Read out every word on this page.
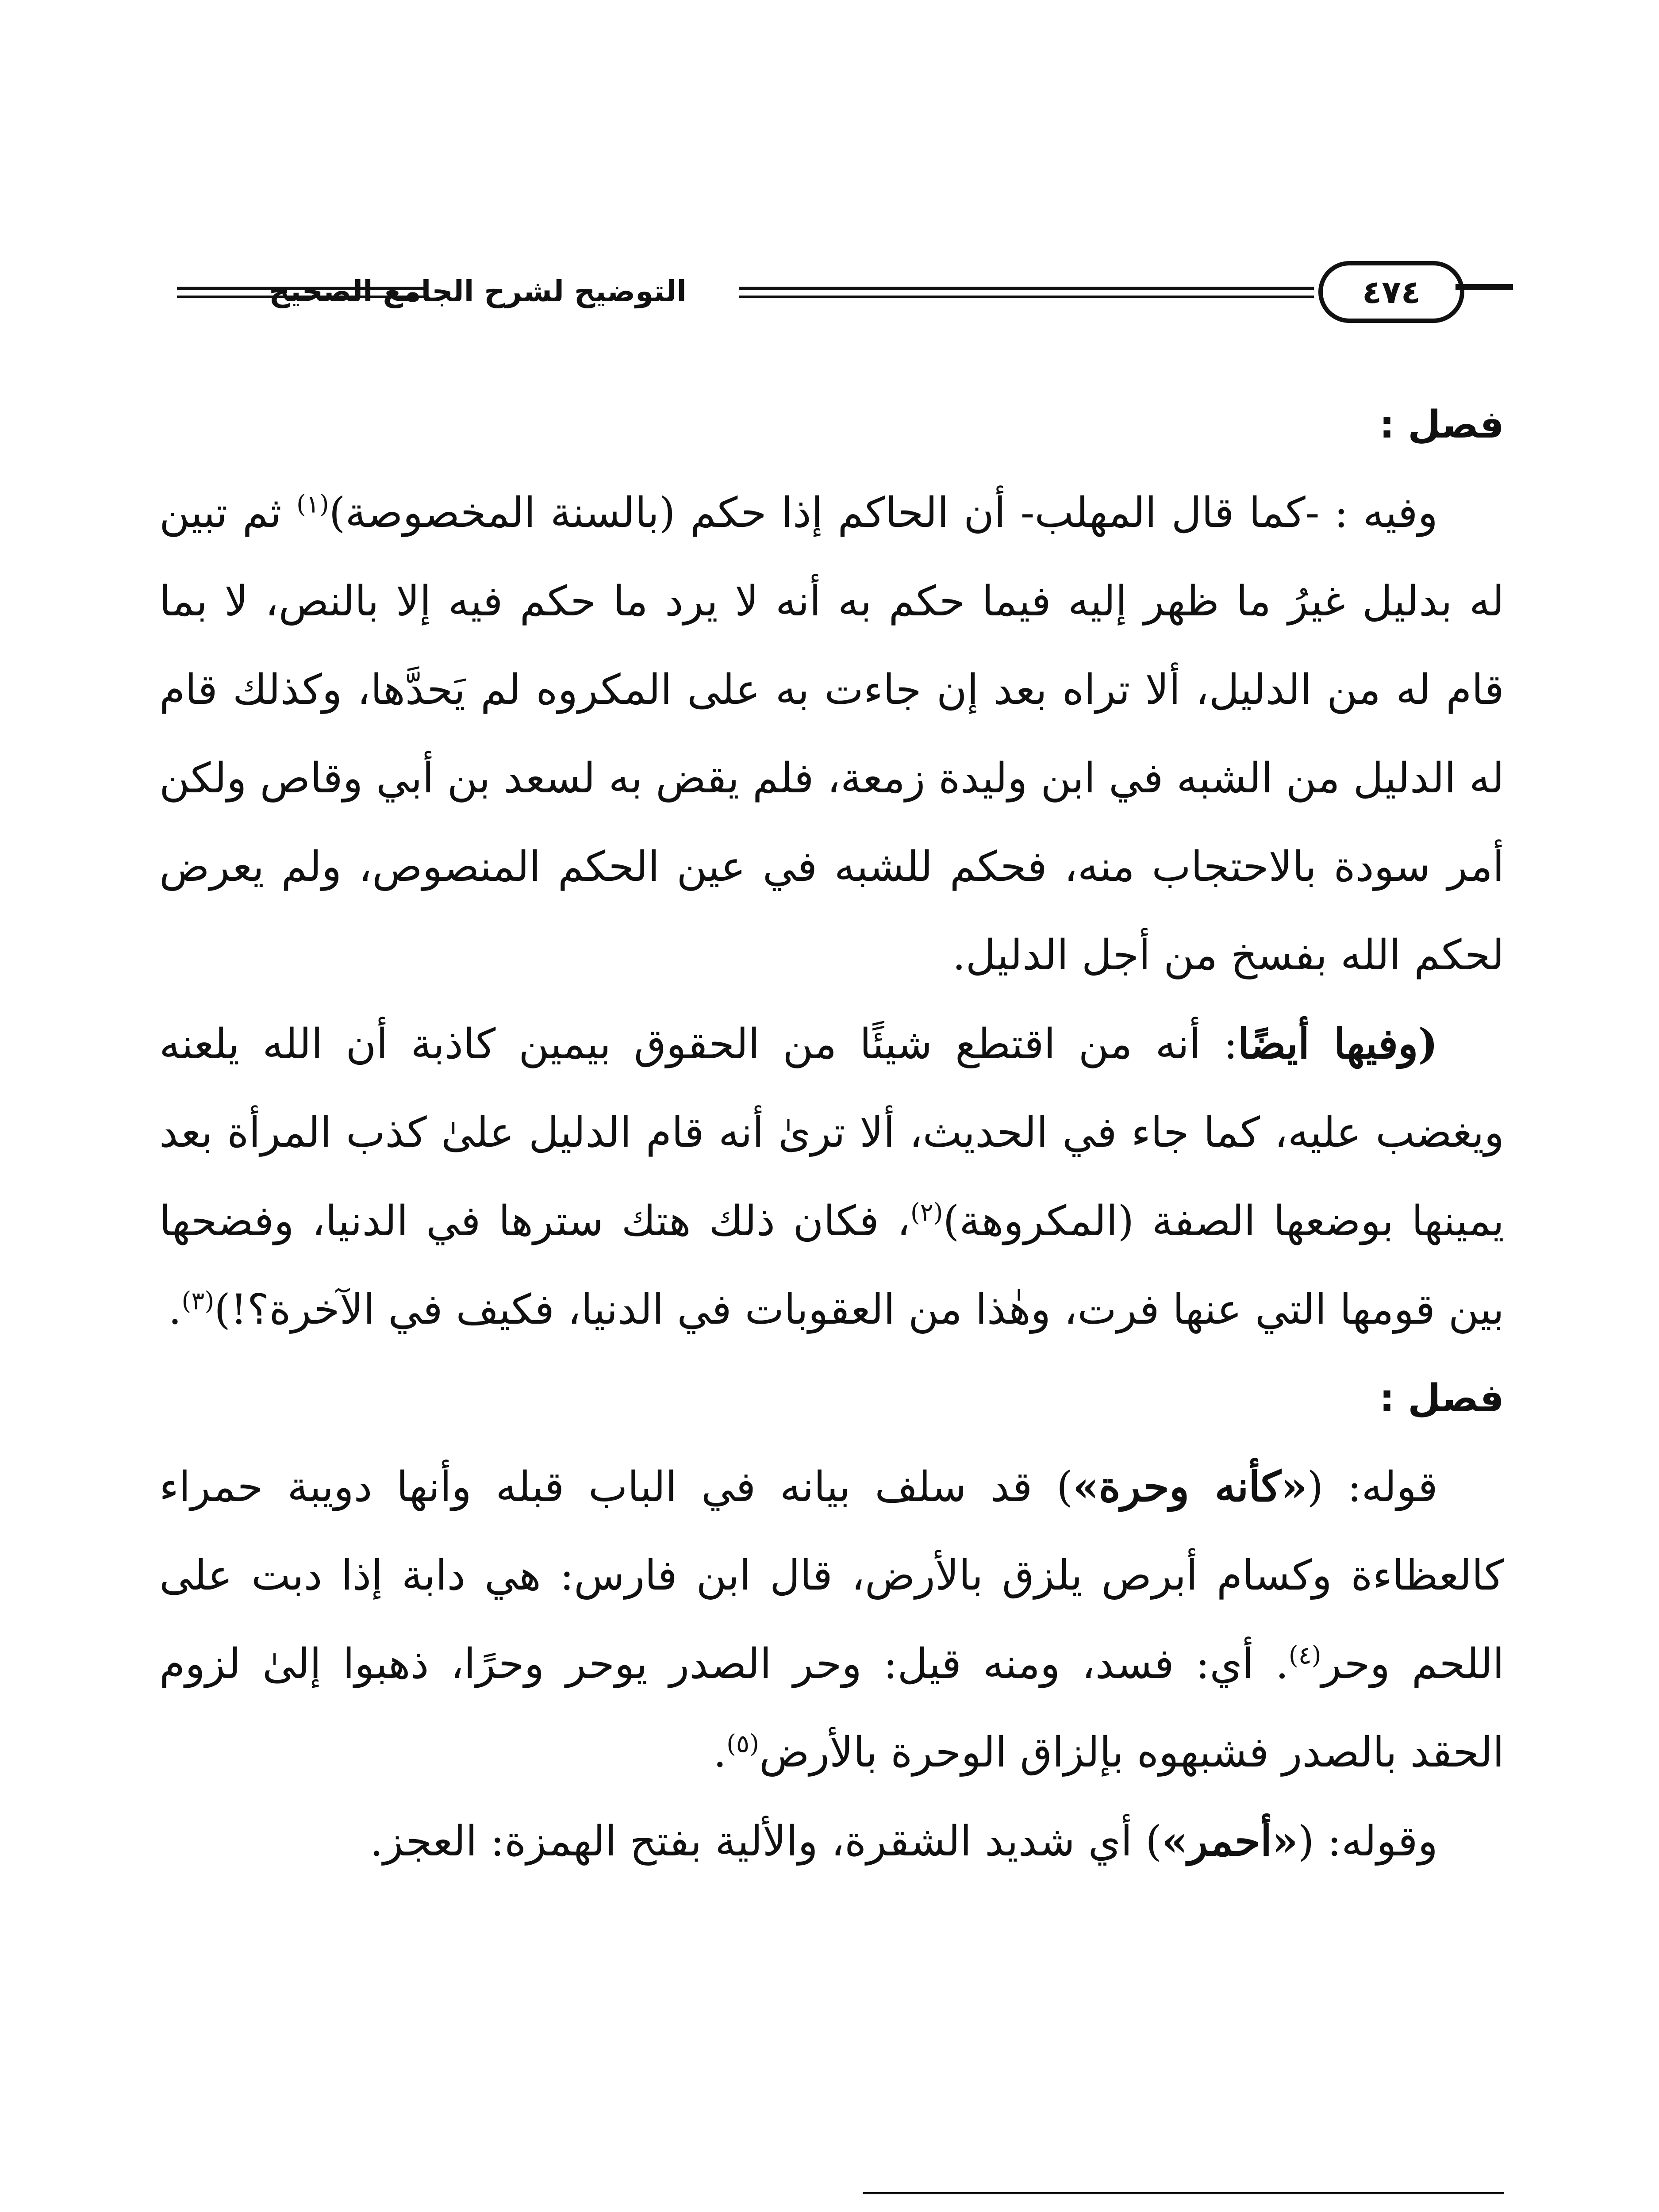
التوضيح لشرح الجامع الصحيح	٤٧٤
فصل :

وفيه : -كما قال المهلب- أن الحاكم إذا حكم (بالسنة المخصوصة)$^{(١)}$ ثم تبين له بدليل غيرُ ما ظهر إليه فيما حكم به أنه لا يرد ما حكم فيه إلا بالنص، لا بما قام له من الدليل، ألا تراه بعد إن جاءت به على المكروه لم يَحدَّها، وكذلك قام له الدليل من الشبه في ابن وليدة زمعة، فلم يقض به لسعد بن أبي وقاص ولكن أمر سودة بالاحتجاب منه، فحكم للشبه في عين الحكم المنصوص، ولم يعرض لحكم الله بفسخ من أجل الدليل.

(وفيها أيضًا: أنه من اقتطع شيئًا من الحقوق بيمين كاذبة أن الله يلعنه ويغضب عليه، كما جاء في الحديث، ألا ترىٰ أنه قام الدليل علىٰ كذب المرأة بعد يمينها بوضعها الصفة (المكروهة)$^{(٢)}$، فكان ذلك هتك سترها في الدنيا، وفضحها بين قومها التي عنها فرت، وهٰذا من العقوبات في الدنيا، فكيف في الآخرة؟!)$^{(٣)}$.

فصل :

قوله: («كأنه وحرة») قد سلف بيانه في الباب قبله وأنها دويبة حمراء كالعظاءة وكسام أبرص يلزق بالأرض، قال ابن فارس: هي دابة إذا دبت على اللحم وحر$^{(٤)}$. أي: فسد، ومنه قيل: وحر الصدر يوحر وحرًا، ذهبوا إلىٰ لزوم الحقد بالصدر فشبهوه بإلزاق الوحرة بالأرض$^{(٥)}$.

وقوله: («أحمر») أي شديد الشقرة، والألية بفتح الهمزة: العجز.
